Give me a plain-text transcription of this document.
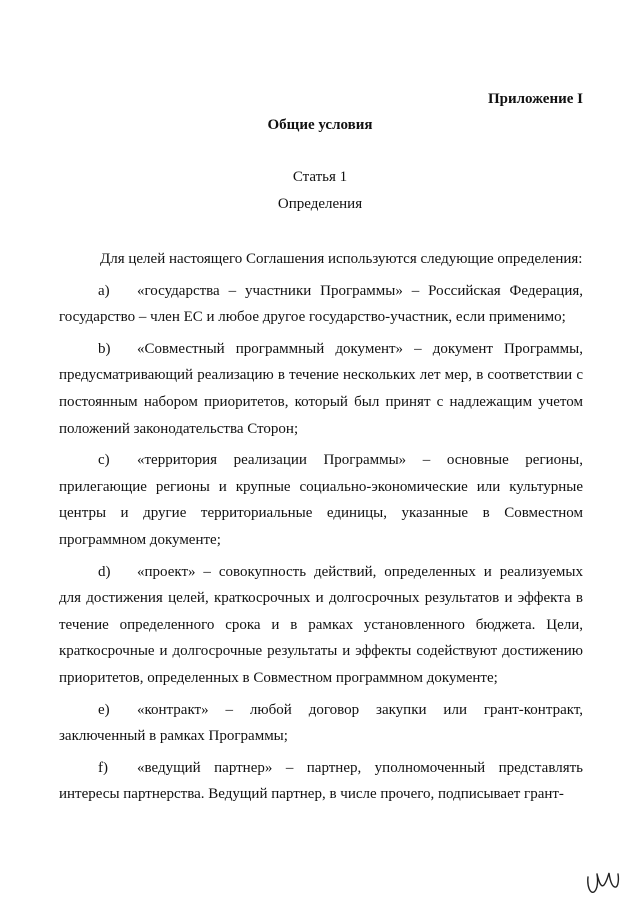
Приложение I
Общие условия
Статья 1
Определения

Для целей настоящего Соглашения используются следующие определения:

a) «государства – участники Программы» – Российская Федерация, государство – член ЕС и любое другое государство-участник, если применимо;

b) «Совместный программный документ» – документ Программы, предусматривающий реализацию в течение нескольких лет мер, в соответствии с постоянным набором приоритетов, который был принят с надлежащим учетом положений законодательства Сторон;

c) «территория реализации Программы» – основные регионы, прилегающие регионы и крупные социально-экономические или культурные центры и другие территориальные единицы, указанные в Совместном программном документе;

d) «проект» – совокупность действий, определенных и реализуемых для достижения целей, краткосрочных и долгосрочных результатов и эффекта в течение определенного срока и в рамках установленного бюджета. Цели, краткосрочные и долгосрочные результаты и эффекты содействуют достижению приоритетов, определенных в Совместном программном документе;

e) «контракт» – любой договор закупки или грант-контракт, заключенный в рамках Программы;

f) «ведущий партнер» – партнер, уполномоченный представлять интересы партнерства. Ведущий партнер, в числе прочего, подписывает грант-
